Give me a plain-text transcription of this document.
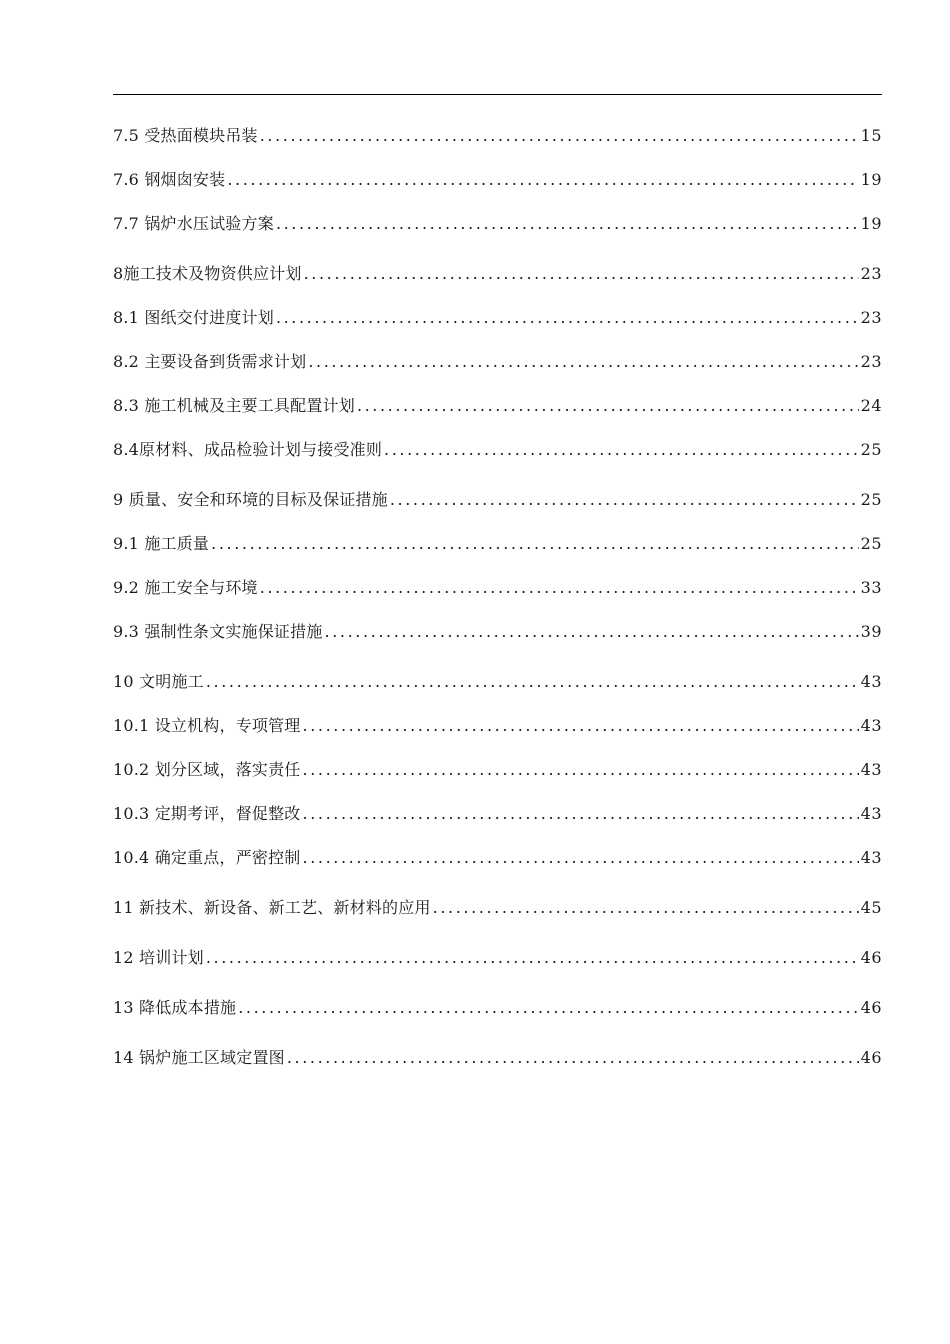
7.5 受热面模块吊装 .....	15
7.6 钢烟囱安装 .....	19
7.7 锅炉水压试验方案 .....	19
8施工技术及物资供应计划 .....	23
8.1 图纸交付进度计划 .....	23
8.2 主要设备到货需求计划 .....	23
8.3 施工机械及主要工具配置计划 .....	24
8.4原材料、成品检验计划与接受准则 .....	25
9 质量、安全和环境的目标及保证措施 .....	25
9.1 施工质量 .....	25
9.2 施工安全与环境 .....	33
9.3 强制性条文实施保证措施 .....	39
10 文明施工 .....	43
10.1 设立机构，专项管理 .....	43
10.2 划分区域，落实责任 .....	43
10.3 定期考评，督促整改 .....	43
10.4 确定重点，严密控制 .....	43
11 新技术、新设备、新工艺、新材料的应用 .....	45
12 培训计划 .....	46
13 降低成本措施 .....	46
14 锅炉施工区域定置图 .....	46
